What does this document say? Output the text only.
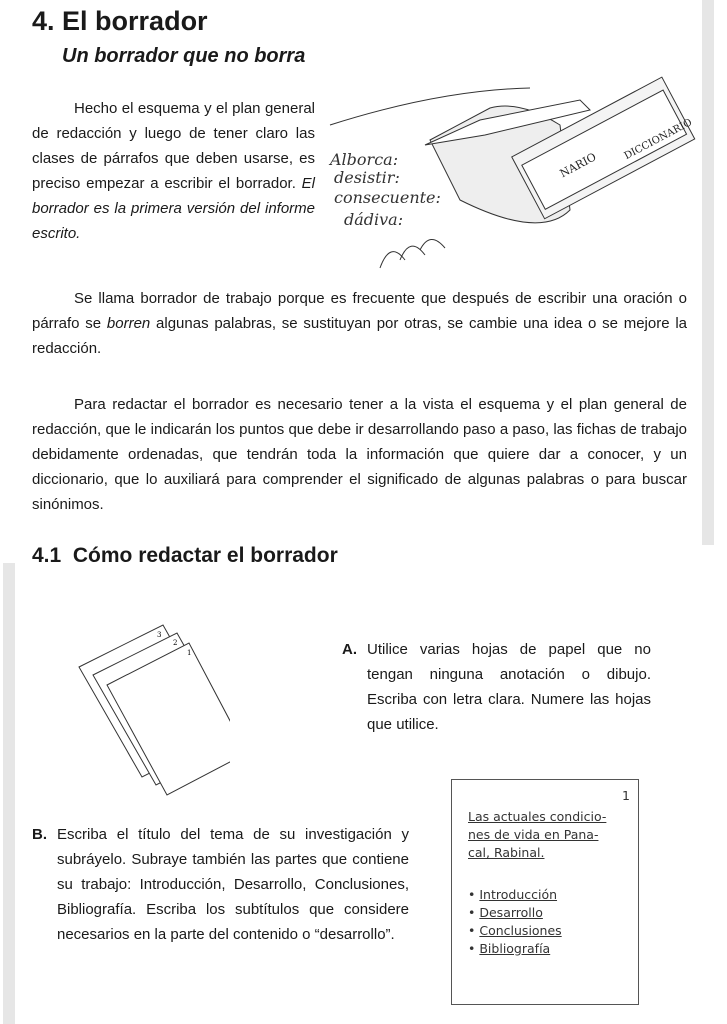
4. El borrador
Un borrador que no borra
Hecho el esquema y el plan general de redacción y luego de tener claro las clases de párrafos que deben usarse, es preciso empezar a escribir el borrador. El borrador es la primera versión del informe escrito.
NARIO
DICCIONARIO
Alborca:
desistir:
consecuente:
dádiva:
Se llama borrador de trabajo porque es frecuente que después de escribir una oración o párrafo se borren algunas palabras, se sustituyan por otras, se cambie una idea o se mejore la redacción.
Para redactar el borrador es necesario tener a la vista el esquema y el plan general de redacción, que le indicarán los puntos que debe ir desarrollando paso a paso, las fichas de trabajo debidamente ordenadas, que tendrán toda la información que quiere dar a conocer, y un diccionario, que lo auxiliará para comprender el significado de algunas palabras o para buscar sinónimos.
4.1  Cómo redactar el borrador
3
2
1	A. Utilice varias hojas de papel que no tengan ninguna anotación o dibujo. Escriba con letra clara. Numere las hojas que utilice.
B. Escriba el título del tema de su investigación y subráyelo. Subraye también las partes que contiene su trabajo: Introducción, Desarrollo, Conclusiones, Bibliografía. Escriba los subtítulos que considere necesarios en la parte del contenido o “desarrollo”.
1
Las actuales condicio-
nes de vida en Pana-
cal, Rabinal.
• Introducción
• Desarrollo
• Conclusiones
• Bibliografía
